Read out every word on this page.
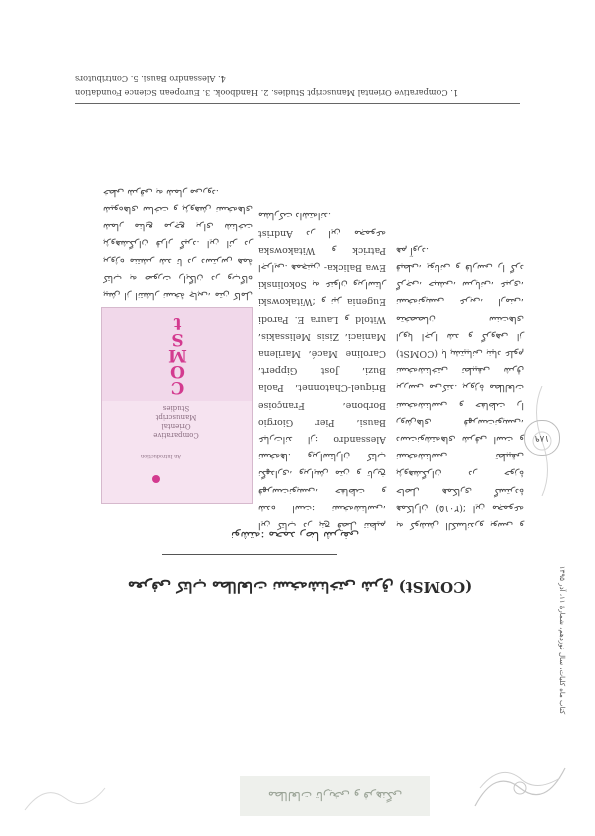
مطالعات تاریخی و فرهنگی
معرفی کتاب مطالعات نسخه‌شناختی شرق (COMSt)
نوشته: محمد رضا شریفی

به کوشش الکساندرو بوسی و همکاران (۲۰۱۵)؛ این مجموعه حاصل همکاری گستردهٔ پژوهشگران در حوزهٔ نسخه‌شناسی تطبیقی دست‌نوشته‌های شرقی است و روش‌های فهرست‌نویسی، نسخه‌شناسی و حفاظت را بررسی می‌کند. پروژهٔ مطالعات نسخه‌شناختی تطبیقی شرق (COMSt) با پشتیبانی بنیاد علوم اروپا اجرا شد و گروهی از متخصصان سنت‌های نسخه‌نویسی عربی، ارمنی، گرجی، حبشی، سریانی، عبری، قبطی، یونانی و فارسی را گرد هم آورد.

این کتاب در پنج فصل تنظیم شده است: نسخه‌شناسی، فهرست‌نویسی، حفاظت و نگهداری، ویرایش متن و تاریخ نسخه‌ها. ویراستاران کتاب عبارت‌اند از: Alessandro Bausi، Pier Giorgio Borbone، Françoise Briquel-Chatonnet، Paola Buzi، Jost Gippert، Caroline Macé، Marilena Maniaci، Zisis Melissakis، Laura E. Parodi و Witold Witakowski؛ و نیز Eugenia Sokolinski به عنوان ویراستار اجرایی. همچنین Ewa Balicka-Witakowska و Patrick Andrist در این مجموعه مشارکت داشته‌اند.

An Introduction
Comparative
Oriental
Manuscript
Studies
C
O
M
S
t

پیش از انتشار نسخهٔ چاپی، متن کامل کتاب به صورت رایگان در وب‌گاه پروژه منتشر شد تا در دسترس همهٔ پژوهشگران قرار گیرد. این اثر در شمار منابع مرجع برای شناخت شیوه‌های ساخت و پژوهش نسخه‌های خطی شرقی به شمار می‌رود.

1. Comparative Oriental Manuscript Studies. 2. Handbook. 3. European Science Foundation
4. Alessandro Bausi. 5. Contributors
۱۸۹
کتاب ماه کلیات، سال نوزدهم، شمارهٔ ۱۱، آذر ۱۳۹۵
